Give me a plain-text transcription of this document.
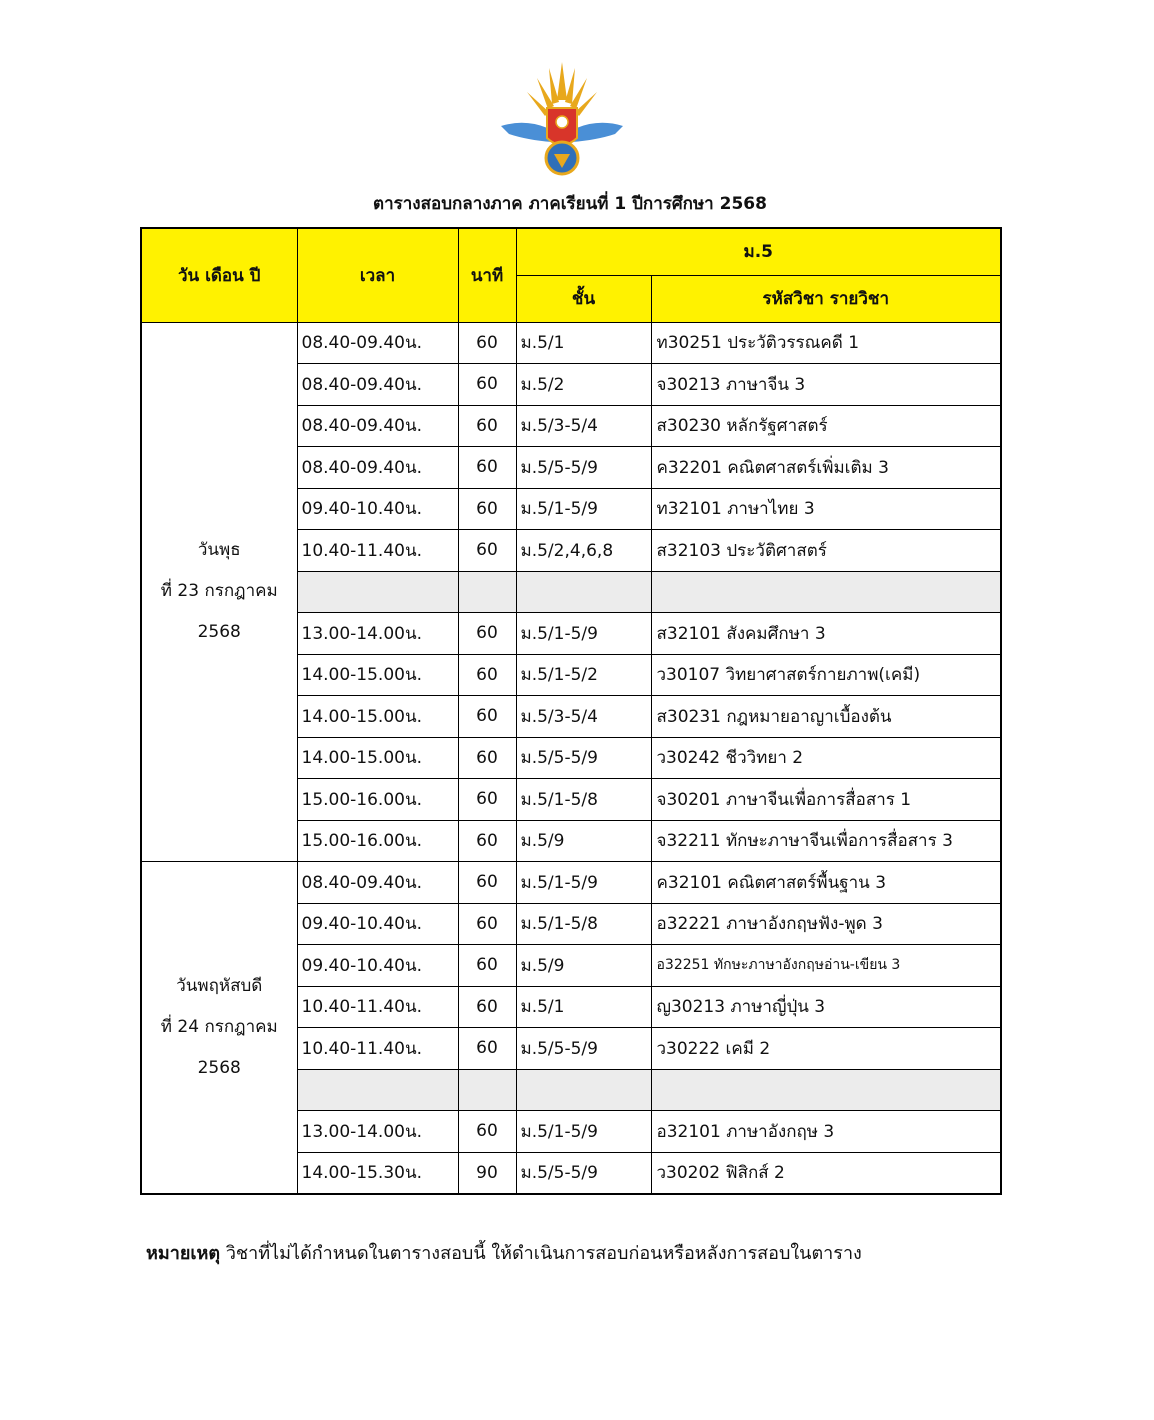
ตารางสอบกลางภาค ภาคเรียนที่ 1 ปีการศึกษา 2568
วัน เดือน ปี	เวลา	นาที	ม.5	
			ชั้น	รหัสวิชา รายวิชา

วันพุธ
ที่ 23 กรกฎาคม
2568	08.40-09.40น.	60	ม.5/1	ท30251 ประวัติวรรณคดี 1
	08.40-09.40น.	60	ม.5/2	จ30213 ภาษาจีน 3
	08.40-09.40น.	60	ม.5/3-5/4	ส30230 หลักรัฐศาสตร์
	08.40-09.40น.	60	ม.5/5-5/9	ค32201 คณิตศาสตร์เพิ่มเติม 3
	09.40-10.40น.	60	ม.5/1-5/9	ท32101 ภาษาไทย 3
	10.40-11.40น.	60	ม.5/2,4,6,8	ส32103 ประวัติศาสตร์

	13.00-14.00น.	60	ม.5/1-5/9	ส32101 สังคมศึกษา 3
	14.00-15.00น.	60	ม.5/1-5/2	ว30107 วิทยาศาสตร์กายภาพ(เคมี)
	14.00-15.00น.	60	ม.5/3-5/4	ส30231 กฎหมายอาญาเบื้องต้น
	14.00-15.00น.	60	ม.5/5-5/9	ว30242 ชีววิทยา 2
	15.00-16.00น.	60	ม.5/1-5/8	จ30201 ภาษาจีนเพื่อการสื่อสาร 1
	15.00-16.00น.	60	ม.5/9	จ32211 ทักษะภาษาจีนเพื่อการสื่อสาร 3

วันพฤหัสบดี
ที่ 24 กรกฎาคม
2568	08.40-09.40น.	60	ม.5/1-5/9	ค32101 คณิตศาสตร์พื้นฐาน 3
	09.40-10.40น.	60	ม.5/1-5/8	อ32221 ภาษาอังกฤษฟัง-พูด 3
	09.40-10.40น.	60	ม.5/9	อ32251 ทักษะภาษาอังกฤษอ่าน-เขียน 3
	10.40-11.40น.	60	ม.5/1	ญ30213 ภาษาญี่ปุ่น 3
	10.40-11.40น.	60	ม.5/5-5/9	ว30222 เคมี 2

	13.00-14.00น.	60	ม.5/1-5/9	อ32101 ภาษาอังกฤษ 3
	14.00-15.30น.	90	ม.5/5-5/9	ว30202 ฟิสิกส์ 2
หมายเหตุ วิชาที่ไม่ได้กำหนดในตารางสอบนี้ ให้ดำเนินการสอบก่อนหรือหลังการสอบในตาราง
